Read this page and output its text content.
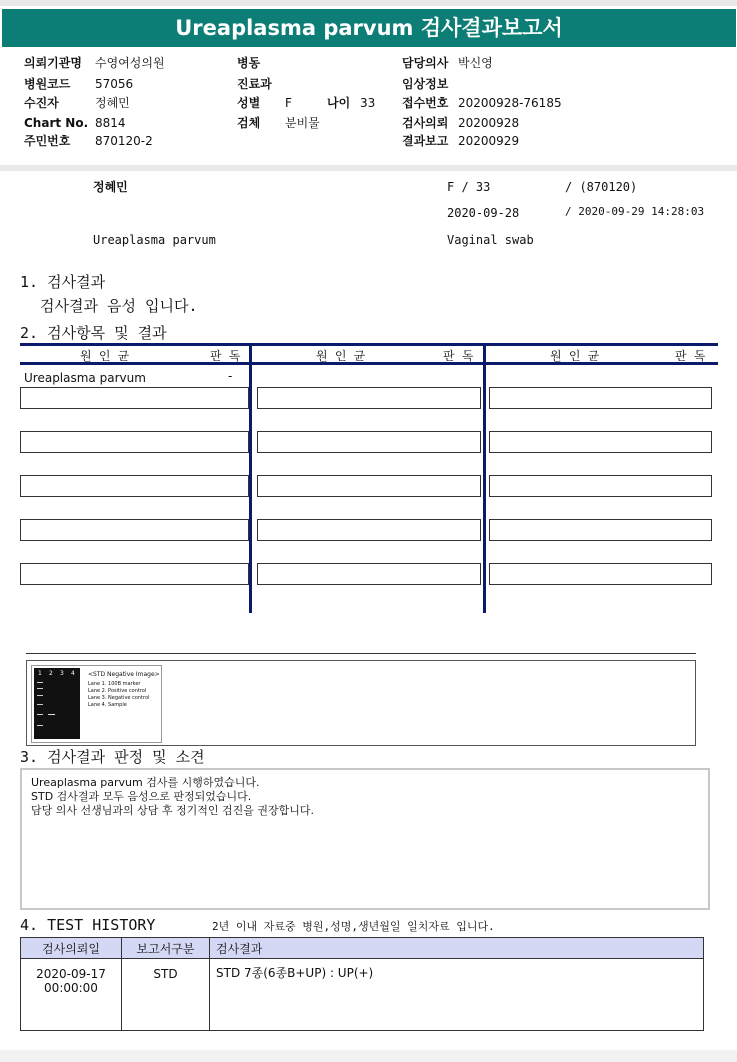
Ureaplasma parvum 검사결과보고서
의뢰기관명 수영여성의원
병원코드 57056
수진자	정혜민
Chart No. 8814
주민번호 870120-2
병동
진료과
성별 F	나이 33
검체 분비물
담당의사 박신영
임상정보
접수번호 20200928-76185
검사의뢰 20200928
결과보고 20200929
정혜민	F / 33	/ (870120)
2020-09-28	/ 2020-09-29 14:28:03
Ureaplasma parvum	Vaginal swab
1. 검사결과
검사결과 음성 입니다.
2. 검사항목 및 결과
원 인 균	판 독	원 인 균	판 독	원 인 균	판 독
Ureaplasma parvum	-
1 2 3 4 <STD Negative Image>
Lane 1. 100B marker
Lane 2. Positive control
Lane 3. Negative control
Lane 4. Sample
3. 검사결과 판정 및 소견
Ureaplasma parvum 검사를 시행하였습니다.
STD 검사결과 모두 음성으로 판정되었습니다.
담당 의사 선생님과의 상담 후 정기적인 검진을 권장합니다.
4. TEST HISTORY	2년 이내 자료중 병원,성명,생년월일 일치자료 입니다.
검사의뢰일	보고서구분	검사결과

2020-09-17
00:00:00	STD	STD 7종(6종B+UP) : UP(+)
